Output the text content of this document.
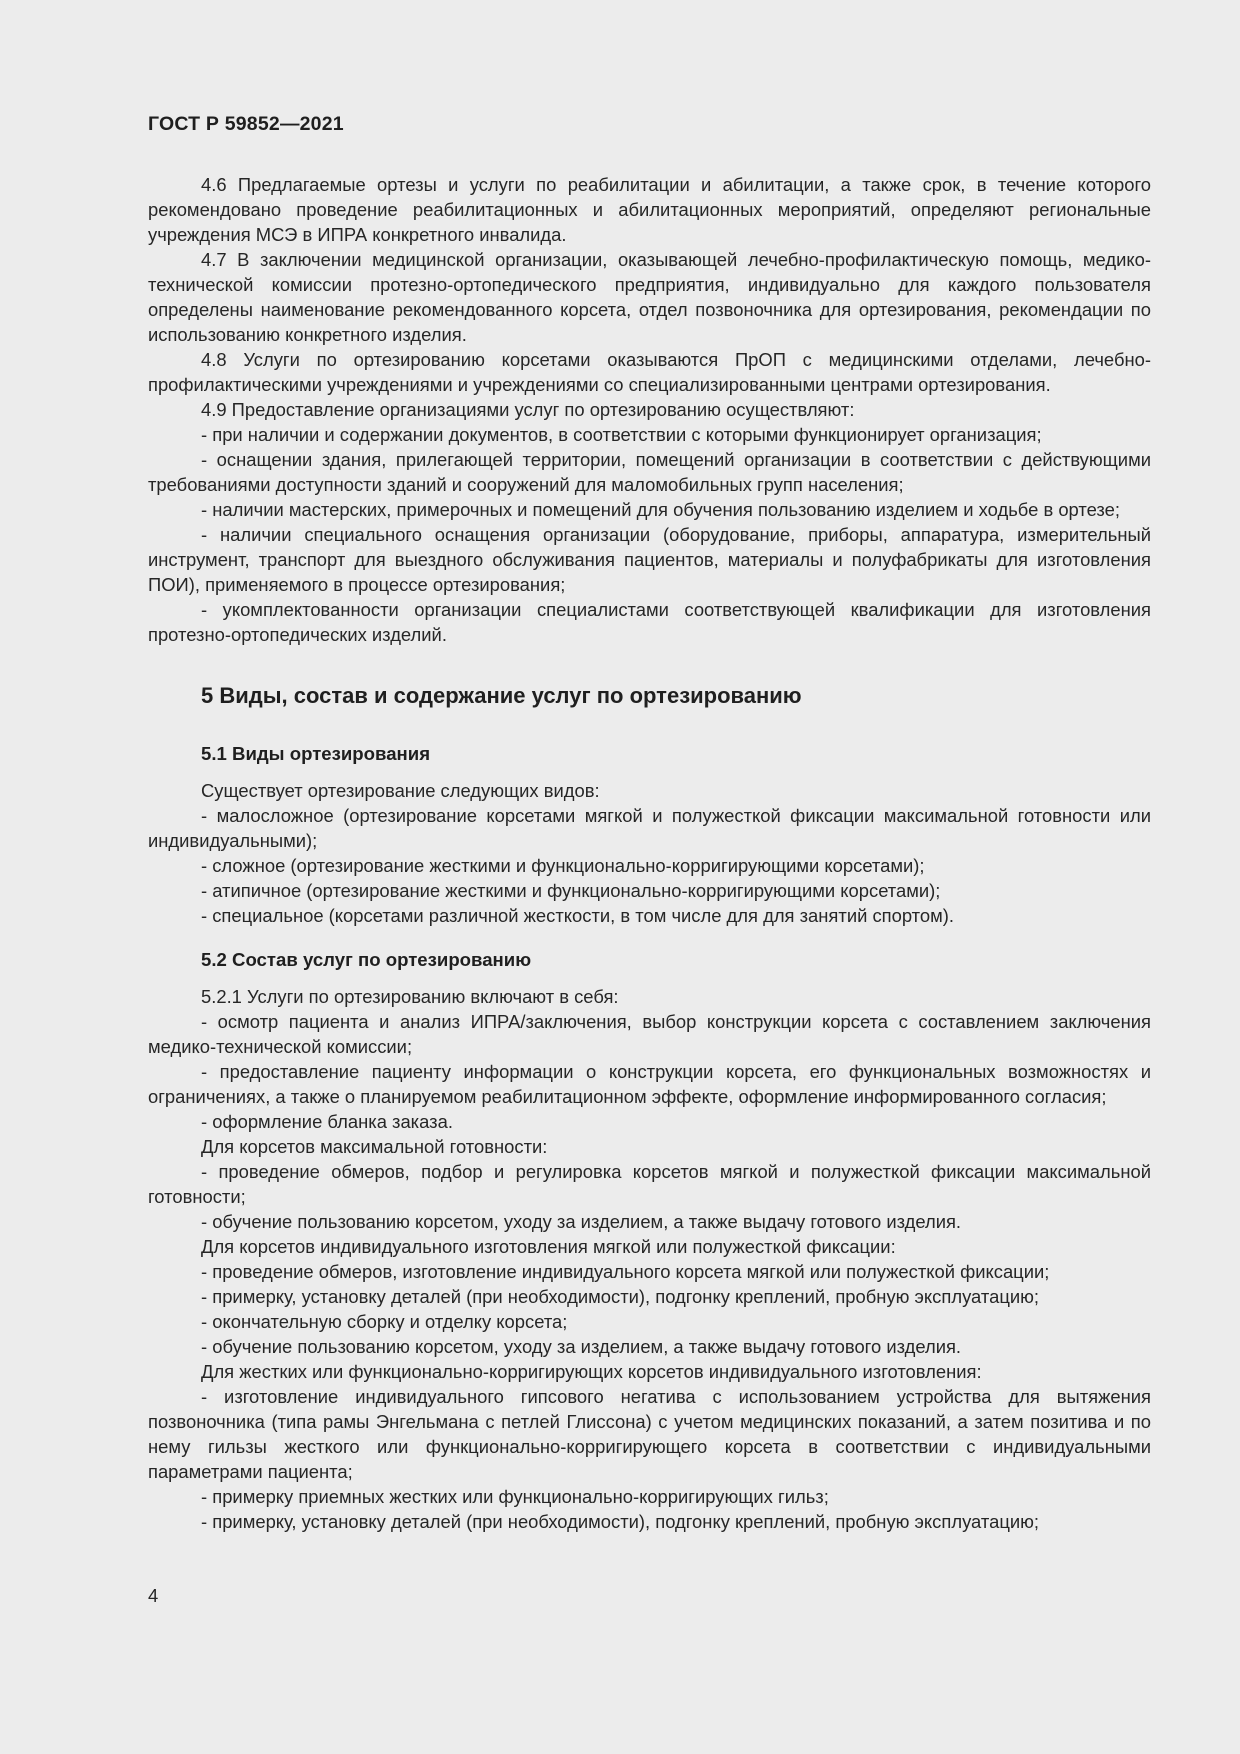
ГОСТ Р 59852—2021

4.6 Предлагаемые ортезы и услуги по реабилитации и абилитации, а также срок, в течение которого рекомендовано проведение реабилитационных и абилитационных мероприятий, определяют региональные учреждения МСЭ в ИПРА конкретного инвалида.

4.7 В заключении медицинской организации, оказывающей лечебно-профилактическую помощь, медико-технической комиссии протезно-ортопедического предприятия, индивидуально для каждого пользователя определены наименование рекомендованного корсета, отдел позвоночника для ортезирования, рекомендации по использованию конкретного изделия.

4.8 Услуги по ортезированию корсетами оказываются ПрОП с медицинскими отделами, лечебно-профилактическими учреждениями и учреждениями со специализированными центрами ортезирования.

4.9 Предоставление организациями услуг по ортезированию осуществляют:

- при наличии и содержании документов, в соответствии с которыми функционирует организация;

- оснащении здания, прилегающей территории, помещений организации в соответствии с действующими требованиями доступности зданий и сооружений для маломобильных групп населения;

- наличии мастерских, примерочных и помещений для обучения пользованию изделием и ходьбе в ортезе;

- наличии специального оснащения организации (оборудование, приборы, аппаратура, измерительный инструмент, транспорт для выездного обслуживания пациентов, материалы и полуфабрикаты для изготовления ПОИ), применяемого в процессе ортезирования;

- укомплектованности организации специалистами соответствующей квалификации для изготовления протезно-ортопедических изделий.

5 Виды, состав и содержание услуг по ортезированию
5.1 Виды ортезирования

Существует ортезирование следующих видов:

- малосложное (ортезирование корсетами мягкой и полужесткой фиксации максимальной готовности или индивидуальными);

- сложное (ортезирование жесткими и функционально-корригирующими корсетами);

- атипичное (ортезирование жесткими и функционально-корригирующими корсетами);

- специальное (корсетами различной жесткости, в том числе для для занятий спортом).

5.2 Состав услуг по ортезированию

5.2.1 Услуги по ортезированию включают в себя:

- осмотр пациента и анализ ИПРА/заключения, выбор конструкции корсета с составлением заключения медико-технической комиссии;

- предоставление пациенту информации о конструкции корсета, его функциональных возможностях и ограничениях, а также о планируемом реабилитационном эффекте, оформление информированного согласия;

- оформление бланка заказа.

Для корсетов максимальной готовности:

- проведение обмеров, подбор и регулировка корсетов мягкой и полужесткой фиксации максимальной готовности;

- обучение пользованию корсетом, уходу за изделием, а также выдачу готового изделия.

Для корсетов индивидуального изготовления мягкой или полужесткой фиксации:

- проведение обмеров, изготовление индивидуального корсета мягкой или полужесткой фиксации;

- примерку, установку деталей (при необходимости), подгонку креплений, пробную эксплуатацию;

- окончательную сборку и отделку корсета;

- обучение пользованию корсетом, уходу за изделием, а также выдачу готового изделия.

Для жестких или функционально-корригирующих корсетов индивидуального изготовления:

- изготовление индивидуального гипсового негатива с использованием устройства для вытяжения позвоночника (типа рамы Энгельмана с петлей Глиссона) с учетом медицинских показаний, а затем позитива и по нему гильзы жесткого или функционально-корригирующего корсета в соответствии с индивидуальными параметрами пациента;

- примерку приемных жестких или функционально-корригирующих гильз;

- примерку, установку деталей (при необходимости), подгонку креплений, пробную эксплуатацию;

4
